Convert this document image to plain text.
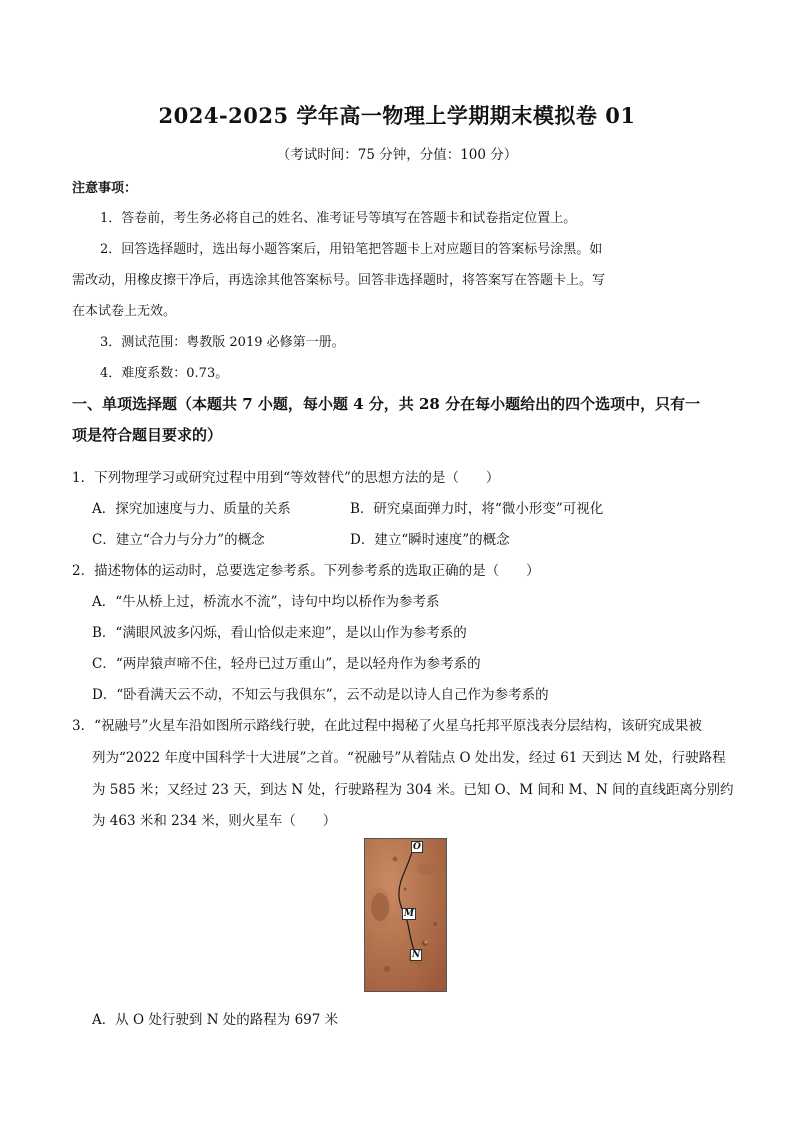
2024-2025 学年高一物理上学期期末模拟卷 01
（考试时间：75 分钟，分值：100 分）
注意事项：
1．答卷前，考生务必将自己的姓名、准考证号等填写在答题卡和试卷指定位置上。
2．回答选择题时，选出每小题答案后，用铅笔把答题卡上对应题目的答案标号涂黑。如
需改动，用橡皮擦干净后，再选涂其他答案标号。回答非选择题时，将答案写在答题卡上。写
在本试卷上无效。
3．测试范围：粤教版 2019 必修第一册。
4．难度系数：0.73。
一、单项选择题（本题共 7 小题，每小题 4 分，共 28 分在每小题给出的四个选项中，只有一
项是符合题目要求的）
1．下列物理学习或研究过程中用到“等效替代”的思想方法的是（　　）
A．探究加速度与力、质量的关系	B．研究桌面弹力时，将“微小形变”可视化
C．建立“合力与分力”的概念	D．建立“瞬时速度”的概念
2．描述物体的运动时，总要选定参考系。下列参考系的选取正确的是（　　）
A．“牛从桥上过，桥流水不流”，诗句中均以桥作为参考系
B．“满眼风波多闪烁，看山恰似走来迎”，是以山作为参考系的
C．“两岸猿声啼不住，轻舟已过万重山”，是以轻舟作为参考系的
D．“卧看满天云不动，不知云与我俱东”，云不动是以诗人自己作为参考系的
3．“祝融号”火星车沿如图所示路线行驶，在此过程中揭秘了火星乌托邦平原浅表分层结构，该研究成果被
列为“2022 年度中国科学十大进展”之首。“祝融号”从着陆点 O 处出发，经过 61 天到达 M 处，行驶路程
为 585 米；又经过 23 天，到达 N 处，行驶路程为 304 米。已知 O、M 间和 M、N 间的直线距离分别约
为 463 米和 234 米，则火星车（　　）
O
M
N
A．从 O 处行驶到 N 处的路程为 697 米
